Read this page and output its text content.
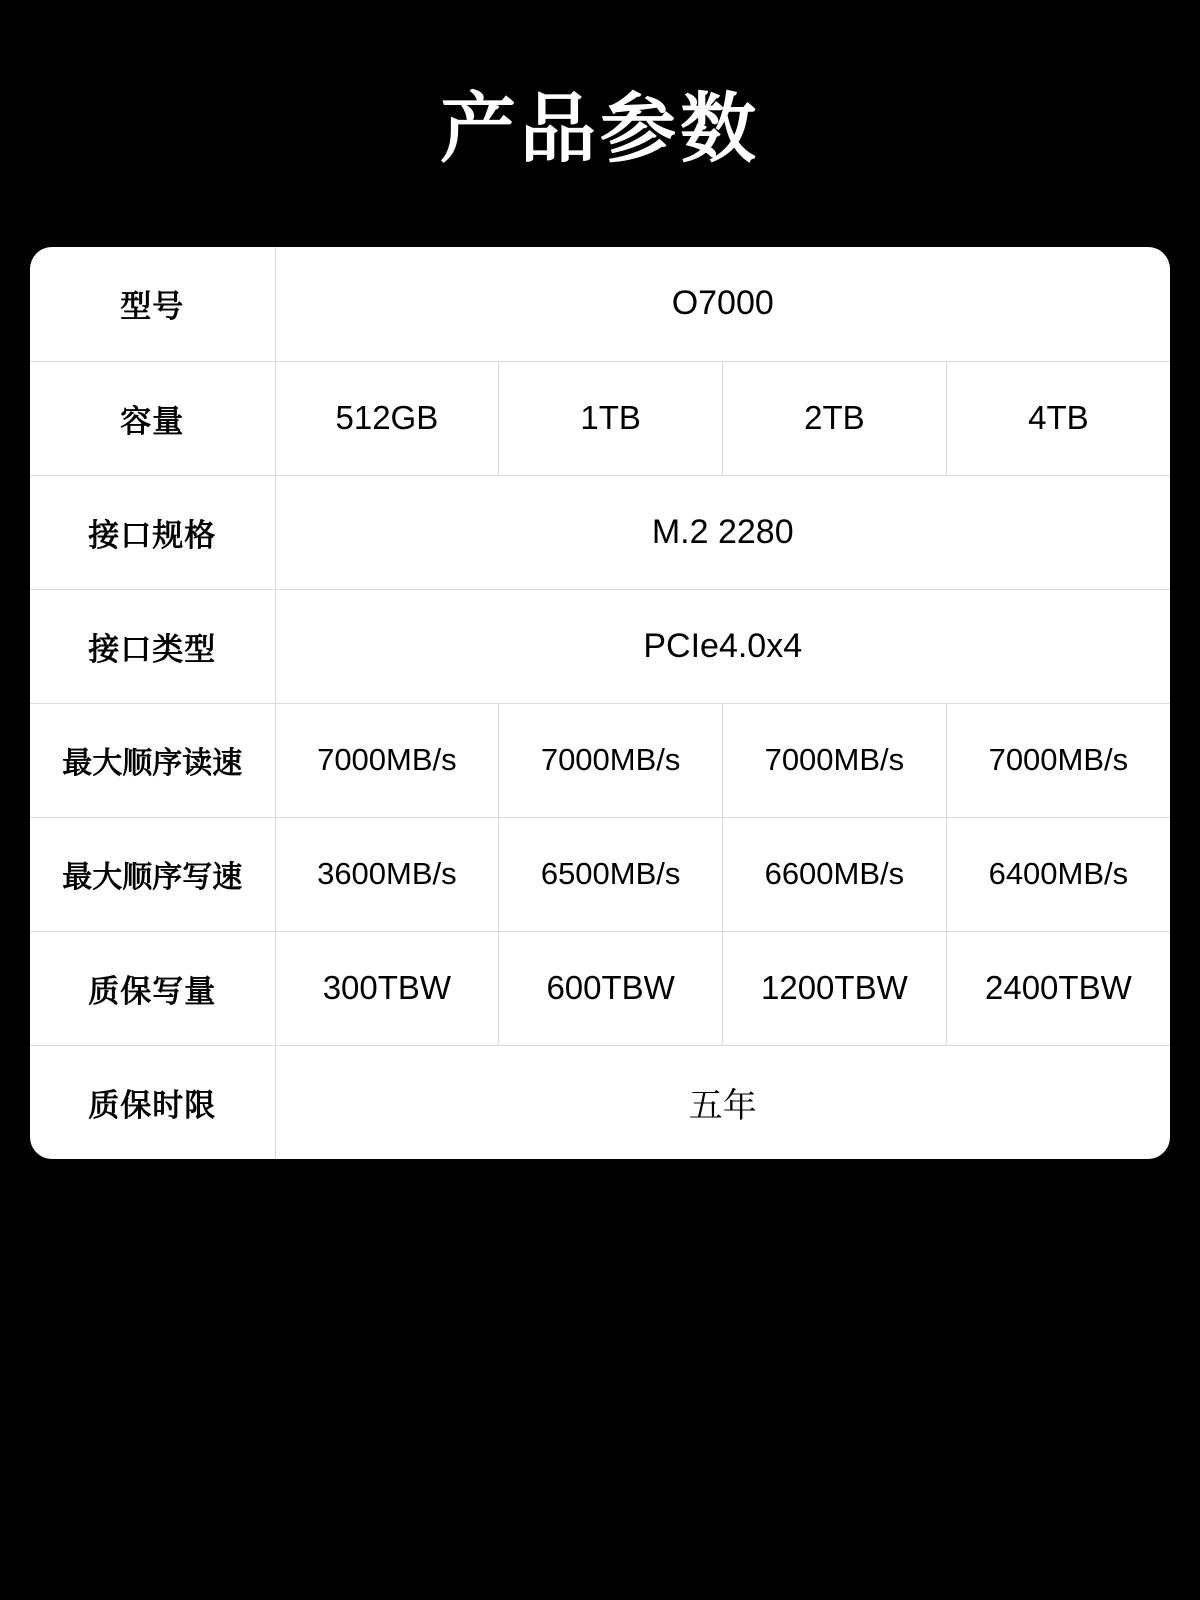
产品参数
型号	O7000			
容量	512GB	1TB	2TB	4TB
接口规格	M.2 2280			
接口类型	PCIe4.0x4			
最大顺序读速	7000MB/s	7000MB/s	7000MB/s	7000MB/s
最大顺序写速	3600MB/s	6500MB/s	6600MB/s	6400MB/s
质保写量	300TBW	600TBW	1200TBW	2400TBW
质保时限	五年			
